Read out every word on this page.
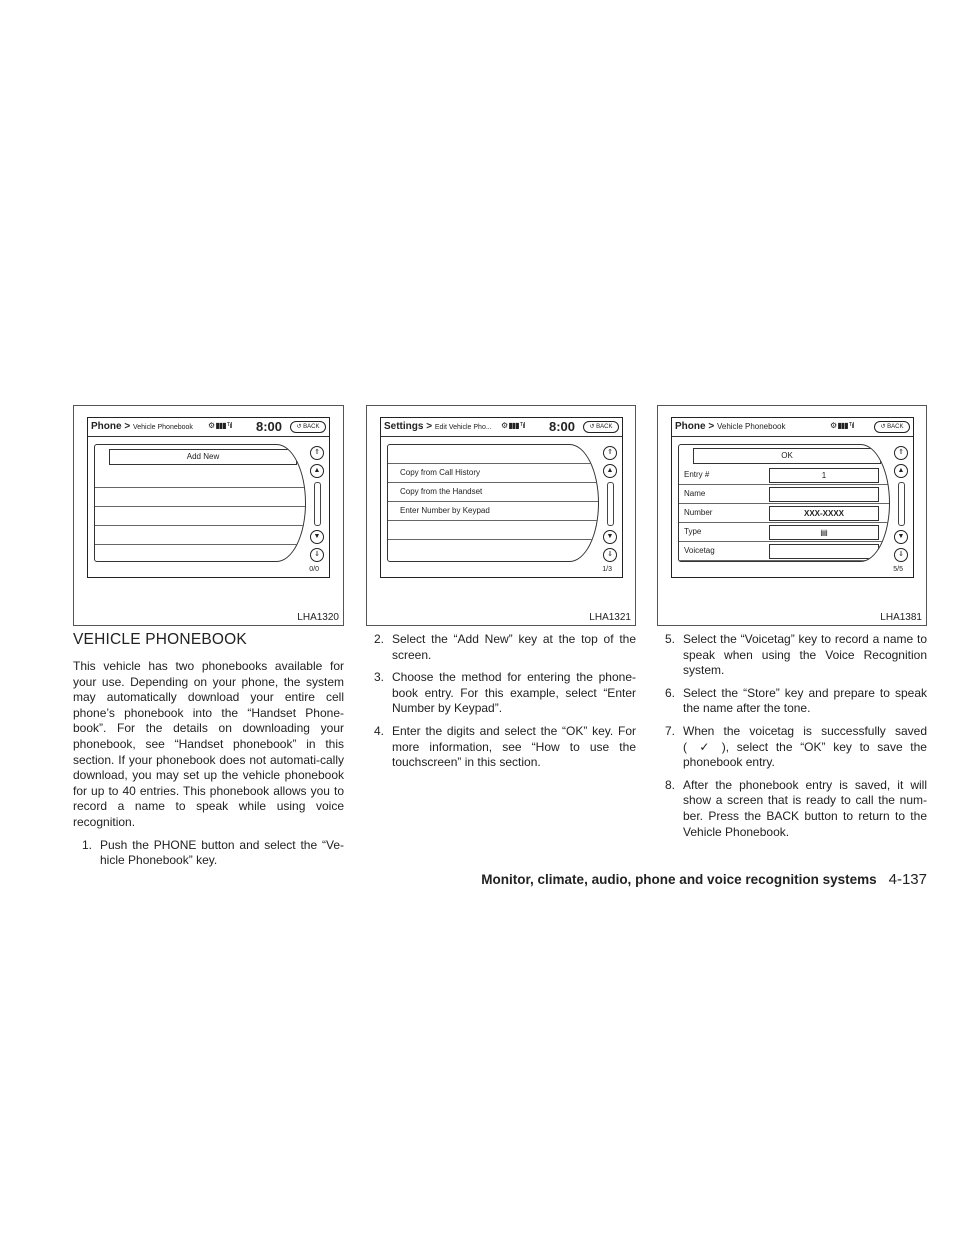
Phone > Vehicle Phonebook ⚙ ▮▮▮ ᵀıl 8:00	↺ BACK
Add New	⇑
▲
▼
⇓
0/0
LHA1320
Settings > Edit Vehicle Pho... ⚙ ▮▮▮ ᵀıl 8:00	↺ BACK
Copy from Call History
Copy from the Handset
Enter Number by Keypad
⇑
▲
▼
⇓
1/3
LHA1321
Phone > Vehicle Phonebook	⚙ ▮▮▮ ᵀıl	↺ BACK
OK
Entry #	1
Name
Number	XXX-XXXX
Type	▤
Voicetag
⇑
▲
▼
⇓
5/5
LHA1381
VEHICLE PHONEBOOK

This vehicle has two phonebooks available for your use. Depending on your phone, the system may automatically download your entire cell phone’s phonebook into the “Handset Phone-book”. For the details on downloading your phonebook, see “Handset phonebook” in this section. If your phonebook does not automati-cally download, you may set up the vehicle phonebook for up to 40 entries. This phonebook allows you to record a name to speak while using voice recognition.

1. Push the PHONE button and select the “Ve-hicle Phonebook” key.
2. Select the “Add New” key at the top of the screen.
3. Choose the method for entering the phone-book entry. For this example, select “Enter Number by Keypad”.
4. Enter the digits and select the “OK” key. For more information, see “How to use the touchscreen” in this section.
5. Select the “Voicetag” key to record a name to speak when using the Voice Recognition system.
6. Select the “Store” key and prepare to speak the name after the tone.
7. When the voicetag is successfully saved ( ✓ ), select the “OK” key to save the phonebook entry.
8. After the phonebook entry is saved, it will show a screen that is ready to call the num-ber. Press the BACK button to return to the Vehicle Phonebook.
Monitor, climate, audio, phone and voice recognition systems 4-137
